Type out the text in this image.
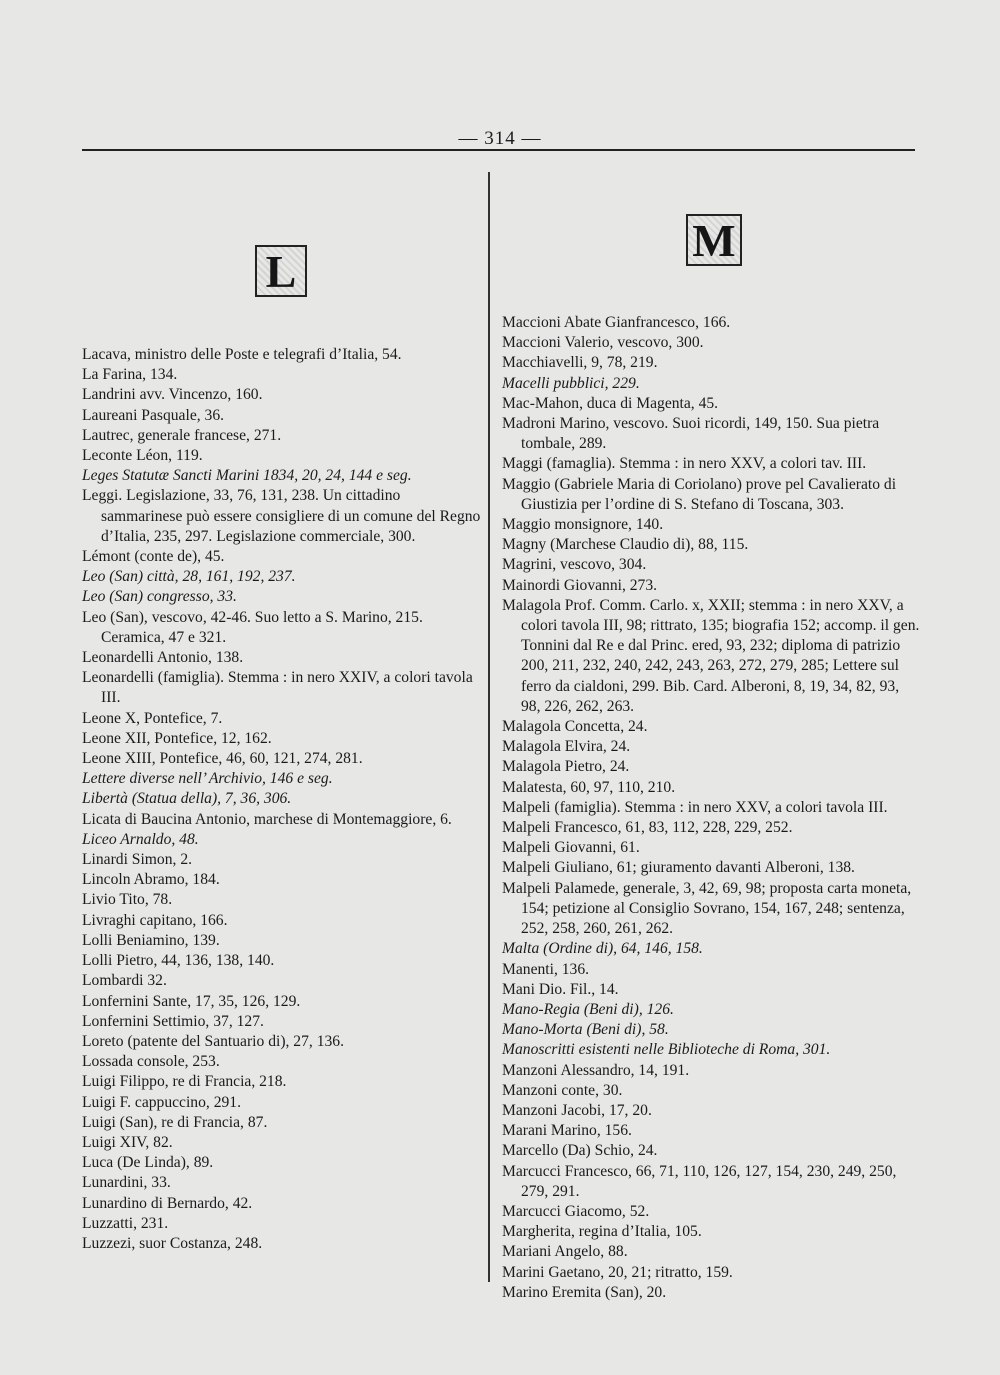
— 314 —
L
M
Lacava, ministro delle Poste e telegrafi d’Italia, 54.
La Farina, 134.
Landrini avv. Vincenzo, 160.
Laureani Pasquale, 36.
Lautrec, generale francese, 271.
Leconte Léon, 119.
Leges Statutæ Sancti Marini 1834, 20, 24, 144 e seg.
Leggi. Legislazione, 33, 76, 131, 238. Un cittadino sammarinese può essere consigliere di un comune del Regno d’Italia, 235, 297. Legislazione commerciale, 300.
Lémont (conte de), 45.
Leo (San) città, 28, 161, 192, 237.
Leo (San) congresso, 33.
Leo (San), vescovo, 42-46. Suo letto a S. Marino, 215. Ceramica, 47 e 321.
Leonardelli Antonio, 138.
Leonardelli (famiglia). Stemma : in nero XXIV, a colori tavola III.
Leone X, Pontefice, 7.
Leone XII, Pontefice, 12, 162.
Leone XIII, Pontefice, 46, 60, 121, 274, 281.
Lettere diverse nell’ Archivio, 146 e seg.
Libertà (Statua della), 7, 36, 306.
Licata di Baucina Antonio, marchese di Montemaggiore, 6.
Liceo Arnaldo, 48.
Linardi Simon, 2.
Lincoln Abramo, 184.
Livio Tito, 78.
Livraghi capitano, 166.
Lolli Beniamino, 139.
Lolli Pietro, 44, 136, 138, 140.
Lombardi 32.
Lonfernini Sante, 17, 35, 126, 129.
Lonfernini Settimio, 37, 127.
Loreto (patente del Santuario di), 27, 136.
Lossada console, 253.
Luigi Filippo, re di Francia, 218.
Luigi F. cappuccino, 291.
Luigi (San), re di Francia, 87.
Luigi XIV, 82.
Luca (De Linda), 89.
Lunardini, 33.
Lunardino di Bernardo, 42.
Luzzatti, 231.
Luzzezi, suor Costanza, 248.
Maccioni Abate Gianfrancesco, 166.
Maccioni Valerio, vescovo, 300.
Macchiavelli, 9, 78, 219.
Macelli pubblici, 229.
Mac-Mahon, duca di Magenta, 45.
Madroni Marino, vescovo. Suoi ricordi, 149, 150. Sua pietra tombale, 289.
Maggi (famaglia). Stemma : in nero XXV, a colori tav. III.
Maggio (Gabriele Maria di Coriolano) prove pel Cavalierato di Giustizia per l’ordine di S. Stefano di Toscana, 303.
Maggio monsignore, 140.
Magny (Marchese Claudio di), 88, 115.
Magrini, vescovo, 304.
Mainordi Giovanni, 273.
Malagola Prof. Comm. Carlo. x, XXII; stemma : in nero XXV, a colori tavola III, 98; rittrato, 135; biografia 152; accomp. il gen. Tonnini dal Re e dal Princ. ered, 93, 232; diploma di patrizio 200, 211, 232, 240, 242, 243, 263, 272, 279, 285; Lettere sul ferro da cialdoni, 299. Bib. Card. Alberoni, 8, 19, 34, 82, 93, 98, 226, 262, 263.
Malagola Concetta, 24.
Malagola Elvira, 24.
Malagola Pietro, 24.
Malatesta, 60, 97, 110, 210.
Malpeli (famiglia). Stemma : in nero XXV, a colori tavola III.
Malpeli Francesco, 61, 83, 112, 228, 229, 252.
Malpeli Giovanni, 61.
Malpeli Giuliano, 61; giuramento davanti Alberoni, 138.
Malpeli Palamede, generale, 3, 42, 69, 98; proposta carta moneta, 154; petizione al Consiglio Sovrano, 154, 167, 248; sentenza, 252, 258, 260, 261, 262.
Malta (Ordine di), 64, 146, 158.
Manenti, 136.
Mani Dio. Fil., 14.
Mano-Regia (Beni di), 126.
Mano-Morta (Beni di), 58.
Manoscritti esistenti nelle Biblioteche di Roma, 301.
Manzoni Alessandro, 14, 191.
Manzoni conte, 30.
Manzoni Jacobi, 17, 20.
Marani Marino, 156.
Marcello (Da) Schio, 24.
Marcucci Francesco, 66, 71, 110, 126, 127, 154, 230, 249, 250, 279, 291.
Marcucci Giacomo, 52.
Margherita, regina d’Italia, 105.
Mariani Angelo, 88.
Marini Gaetano, 20, 21; ritratto, 159.
Marino Eremita (San), 20.
